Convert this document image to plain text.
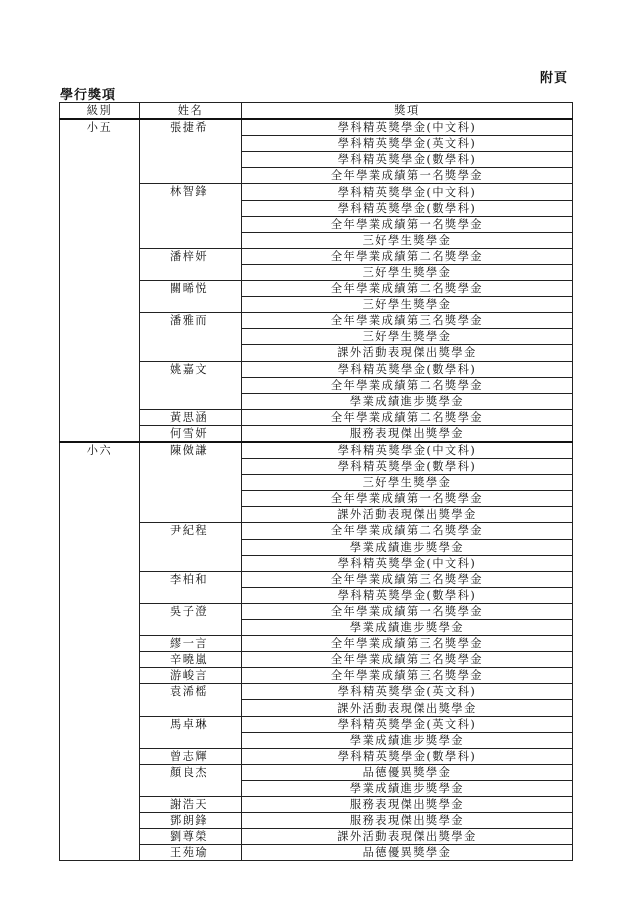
附頁
學行獎項
級別	姓名	獎項
小五	張捷希	學科精英獎學金(中文科)
		學科精英獎學金(英文科)
		學科精英獎學金(數學科)
		全年學業成績第一名獎學金
	林智鋒	學科精英獎學金(中文科)
		學科精英獎學金(數學科)
		全年學業成績第一名獎學金
		三好學生獎學金
	潘梓妍	全年學業成績第二名獎學金
		三好學生獎學金
	關晞悦	全年學業成績第二名獎學金
		三好學生獎學金
	潘雅而	全年學業成績第三名獎學金
		三好學生獎學金
		課外活動表現傑出獎學金
	姚嘉文	學科精英獎學金(數學科)
		全年學業成績第二名獎學金
		學業成績進步獎學金
	黃思涵	全年學業成績第二名獎學金
	何雪妍	服務表現傑出獎學金
小六	陳傚謙	學科精英獎學金(中文科)
		學科精英獎學金(數學科)
		三好學生獎學金
		全年學業成績第一名獎學金
		課外活動表現傑出獎學金
	尹紀程	全年學業成績第二名獎學金
		學業成績進步獎學金
		學科精英獎學金(中文科)
	李柏和	全年學業成績第三名獎學金
		學科精英獎學金(數學科)
	吳子澄	全年學業成績第一名獎學金
		學業成績進步獎學金
	繆一言	全年學業成績第三名獎學金
	辛曉嵐	全年學業成績第三名獎學金
	游峻言	全年學業成績第三名獎學金
	袁浠榣	學科精英獎學金(英文科)
		課外活動表現傑出獎學金
	馬卓琳	學科精英獎學金(英文科)
		學業成績進步獎學金
	曾志輝	學科精英獎學金(數學科)
	顏良杰	品德優異獎學金
		學業成績進步獎學金
	謝浩天	服務表現傑出獎學金
	鄧朗鋒	服務表現傑出獎學金
	劉尊榮	課外活動表現傑出獎學金
	王苑瑜	品德優異獎學金
